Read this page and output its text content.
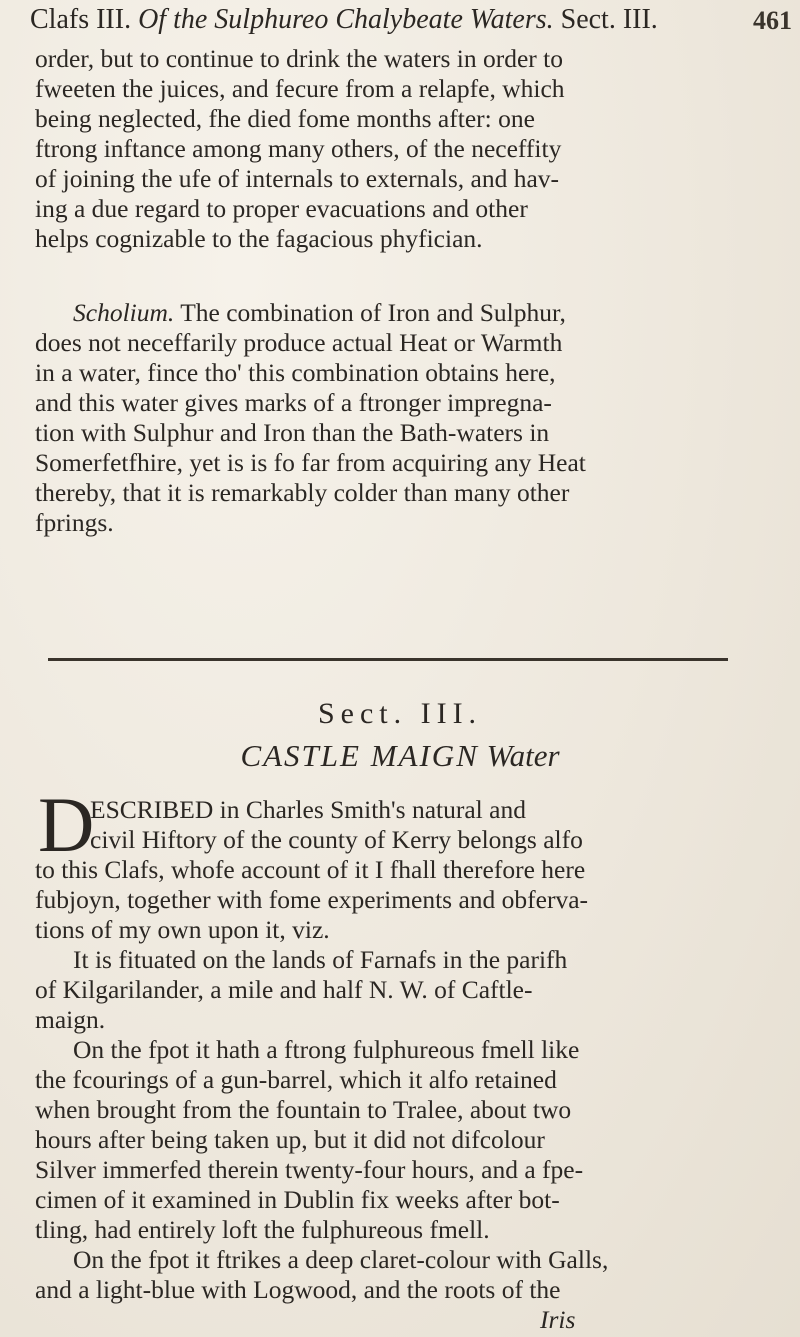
Clafs III. Of the Sulphureo Chalybeate Waters. Sect. III.	461
order, but to continue to drink the waters in order to
fweeten the juices, and fecure from a relapfe, which
being neglected, fhe died fome months after: one
ftrong inftance among many others, of the neceffity
of joining the ufe of internals to externals, and hav-
ing a due regard to proper evacuations and other
helps cognizable to the fagacious phyfician.
Scholium. The combination of Iron and Sulphur,
does not neceffarily produce actual Heat or Warmth
in a water, fince tho' this combination obtains here,
and this water gives marks of a ftronger impregna-
tion with Sulphur and Iron than the Bath-waters in
Somerfetfhire, yet is is fo far from acquiring any Heat
thereby, that it is remarkably colder than many other
fprings.
Sect. III.
CASTLE MAIGN Water
D
ESCRIBED in Charles Smith's natural and
civil Hiftory of the county of Kerry belongs alfo
to this Clafs, whofe account of it I fhall therefore here
fubjoyn, together with fome experiments and obferva-
tions of my own upon it, viz.
It is fituated on the lands of Farnafs in the parifh
of Kilgarilander, a mile and half N. W. of Caftle-
maign.
On the fpot it hath a ftrong fulphureous fmell like
the fcourings of a gun-barrel, which it alfo retained
when brought from the fountain to Tralee, about two
hours after being taken up, but it did not difcolour
Silver immerfed therein twenty-four hours, and a fpe-
cimen of it examined in Dublin fix weeks after bot-
tling, had entirely loft the fulphureous fmell.
On the fpot it ftrikes a deep claret-colour with Galls,
and a light-blue with Logwood, and the roots of the
Iris
